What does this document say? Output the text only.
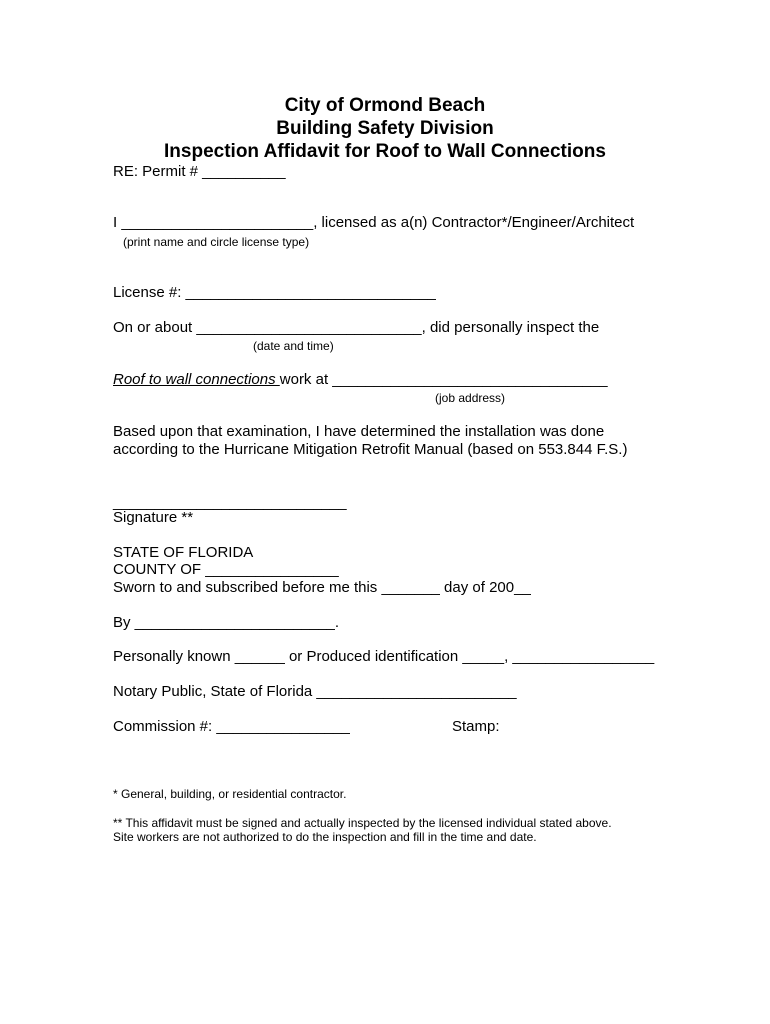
City of Ormond Beach
Building Safety Division
Inspection Affidavit for Roof to Wall Connections
RE: Permit # __________
I _______________________, licensed as a(n) Contractor*/Engineer/Architect
(print name and circle license type)
License #: ______________________________
On or about ___________________________, did personally inspect the
(date and time)
Roof to wall connections work at _________________________________
(job address)
Based upon that examination, I have determined the installation was done
according to the Hurricane Mitigation Retrofit Manual (based on 553.844 F.S.)
____________________________
Signature **
STATE OF FLORIDA
COUNTY OF ________________
Sworn to and subscribed before me this _______ day of 200__
By ________________________.
Personally known ______ or Produced identification _____, _________________
Notary Public, State of Florida ________________________
Commission #: ________________	Stamp:
* General, building, or residential contractor.
** This affidavit must be signed and actually inspected by the licensed individual stated above.
Site workers are not authorized to do the inspection and fill in the time and date.
